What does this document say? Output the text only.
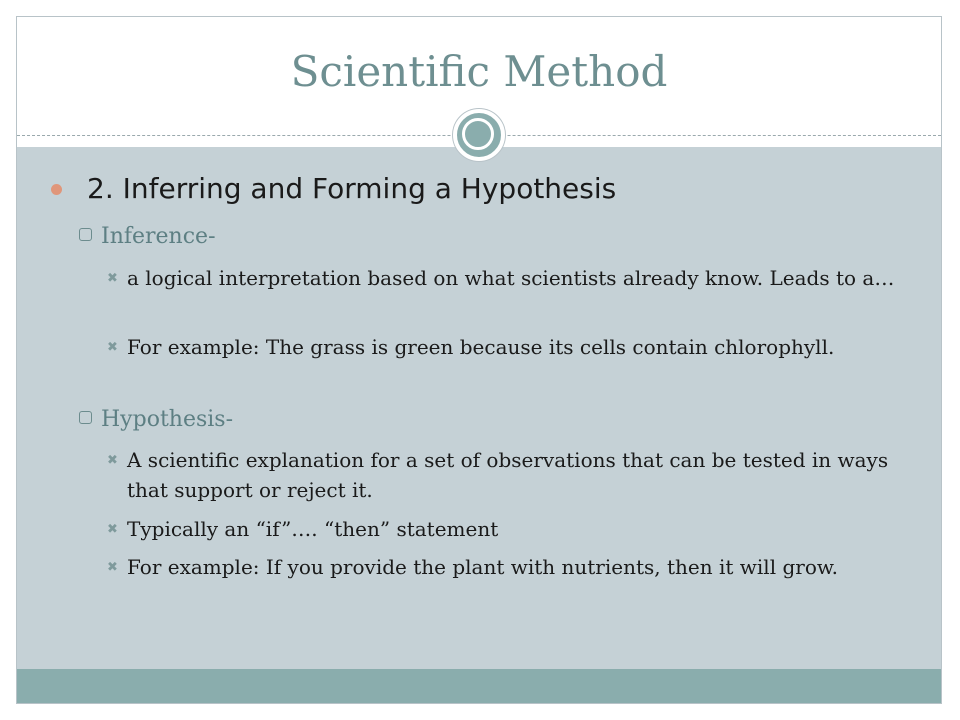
Scientific Method
2. Inferring and Forming a Hypothesis
Inference-
✖ a logical interpretation based on what scientists already know. Leads to a…
✖ For example: The grass is green because its cells contain chlorophyll.
Hypothesis-
✖ A scientific explanation for a set of observations that can be tested in ways that support or reject it.
✖ Typically an “if”…. “then” statement
✖ For example: If you provide the plant with nutrients, then it will grow.
